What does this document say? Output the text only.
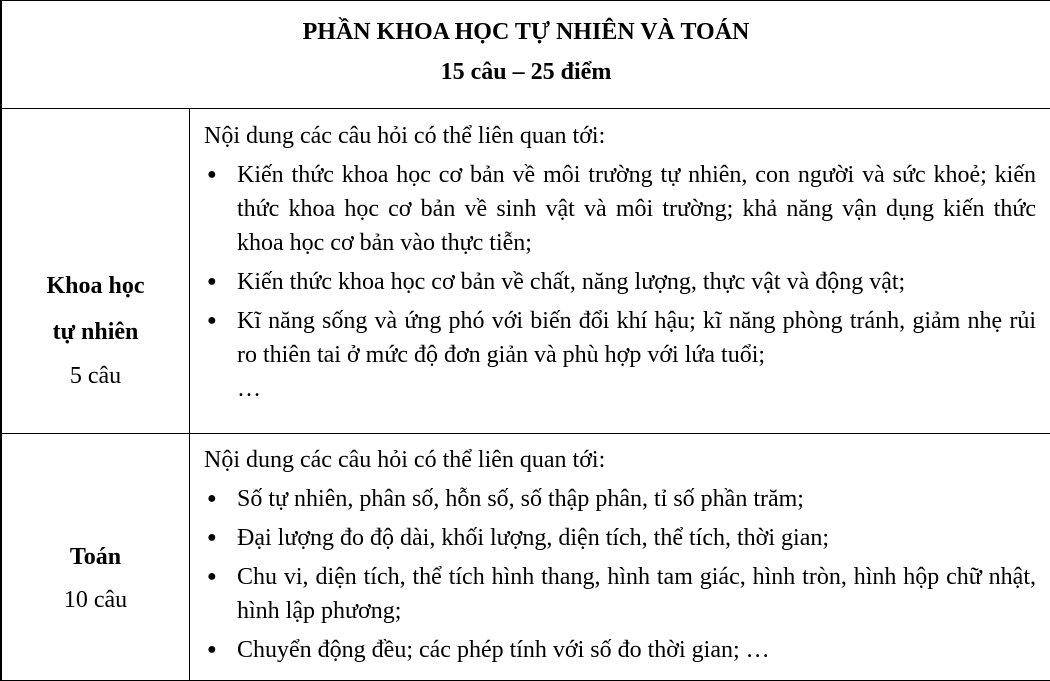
PHẦN KHOA HỌC TỰ NHIÊN VÀ TOÁN
15 câu – 25 điểm
Khoa học
tự nhiên
5 câu
Nội dung các câu hỏi có thể liên quan tới:
● Kiến thức khoa học cơ bản về môi trường tự nhiên, con người và sức khoẻ; kiến thức khoa học cơ bản về sinh vật và môi trường; khả năng vận dụng kiến thức khoa học cơ bản vào thực tiễn;
● Kiến thức khoa học cơ bản về chất, năng lượng, thực vật và động vật;
● Kĩ năng sống và ứng phó với biến đổi khí hậu; kĩ năng phòng tránh, giảm nhẹ rủi ro thiên tai ở mức độ đơn giản và phù hợp với lứa tuổi;
…
Toán
10 câu
Nội dung các câu hỏi có thể liên quan tới:
● Số tự nhiên, phân số, hỗn số, số thập phân, tỉ số phần trăm;
● Đại lượng đo độ dài, khối lượng, diện tích, thể tích, thời gian;
● Chu vi, diện tích, thể tích hình thang, hình tam giác, hình tròn, hình hộp chữ nhật, hình lập phương;
● Chuyển động đều; các phép tính với số đo thời gian; …
